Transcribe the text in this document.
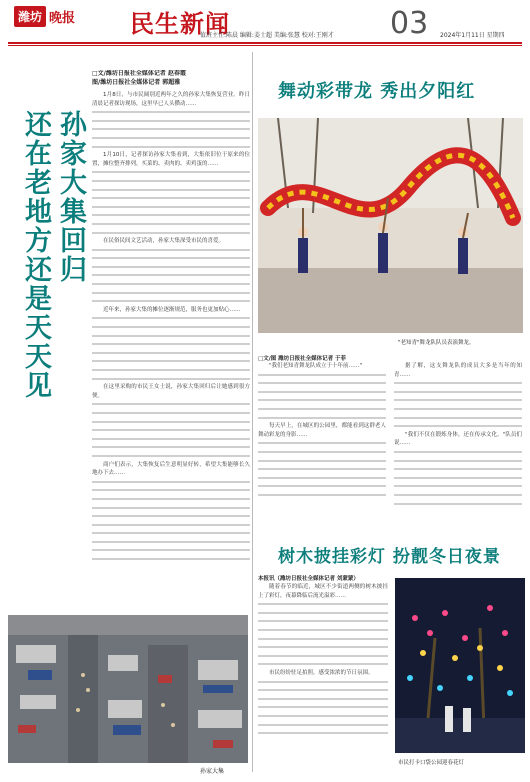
潍坊 晚报 民生新闻
值班主任:陈晨 编辑:姜士超 美编:张慧 校对:王刚才 03 2024年1月11日 星期四
孙家大集回归
还在老地方还是天天见
□文/潍坊日报社全媒体记者 赵春霞
图/潍坊日报社全媒体记者 郭超雅

1月8日，与市民阔别近两年之久的孙家大集恢复营业。昨日清晨记者探访现场，这里早已人头攒动……

1月10日，记者探访孙家大集看到，大集依旧位于原来的位置，摊位整齐排列，买菜的、卖肉的、卖鸡蛋的……

在民俗民间文艺活动，孙家大集深受市民的喜爱。

近年来，孙家大集的摊位逐渐规范，服务也更加贴心……

在这里采购的市民王女士说，孙家大集回归后让她感到很方便。

商户们表示，大集恢复后生意明显好转，希望大集能够长久地办下去……

孙家大集
舞动彩带龙 秀出夕阳红
"老知青"舞龙队队员表演舞龙。
□文/图 潍坊日报社全媒体记者 于菲

"我们老知青舞龙队成立于十年前……"

每天早上，在城区的公园里，都能看到这群老人舞动彩龙的身影……

据了解，这支舞龙队的成员大多是当年的知青……

"我们不仅在锻炼身体，还在传承文化。"队员们说……

树木披挂彩灯 扮靓冬日夜景
本报讯（潍坊日报社全媒体记者 刘蒙蒙）

随着春节的临近，城区不少街道两侧的树木披挂上了彩灯，夜幕降临后流光溢彩……

市民纷纷驻足拍照，感受浓浓的节日氛围。

市民打卡口袋公园迎春花灯
